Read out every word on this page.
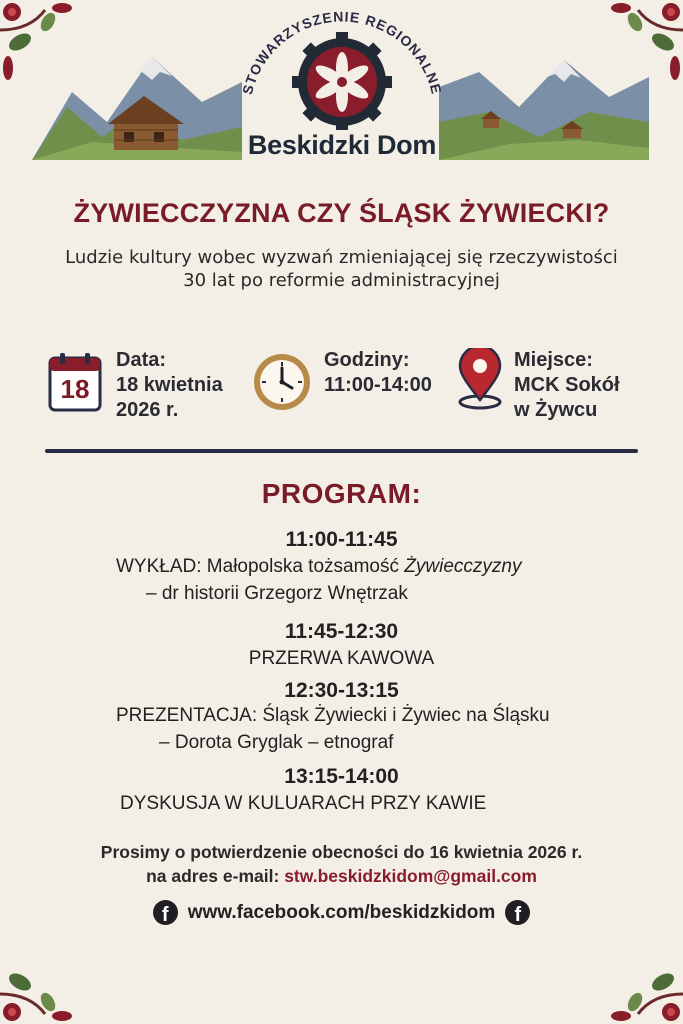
STOWARZYSZENIE REGIONALNE
Beskidzki Dom
ŻYWIECCZYZNA CZY ŚLĄSK ŻYWIECKI?
Ludzie kultury wobec wyzwań zmieniającej się rzeczywistości
30 lat po reformie administracyjnej
18
Data:
18 kwietnia
2026 r.
Godziny:
11:00-14:00
Miejsce:
MCK Sokół
w Żywcu
PROGRAM:
11:00-11:45
WYKŁAD: Małopolska tożsamość Żywiecczyzny
– dr historii Grzegorz Wnętrzak
11:45-12:30
PRZERWA KAWOWA
12:30-13:15
PREZENTACJA: Śląsk Żywiecki i Żywiec na Śląsku
– Dorota Gryglak – etnograf
13:15-14:00
DYSKUSJA W KULUARACH PRZY KAWIE
Prosimy o potwierdzenie obecności do 16 kwietnia 2026 r.
na adres e-mail: stw.beskidzkidom@gmail.com
f www.facebook.com/beskidzkidom f
